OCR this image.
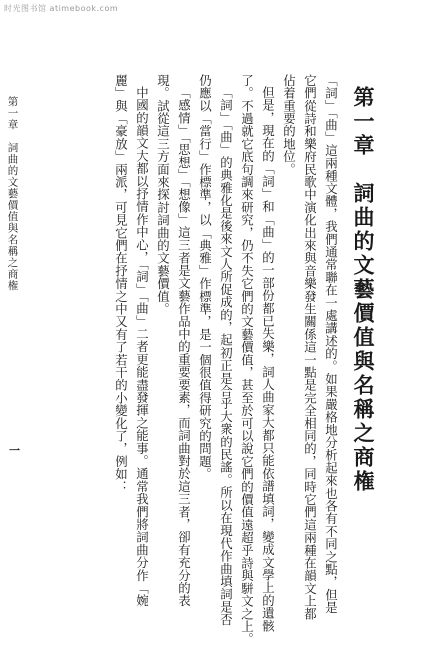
时光图书馆 atimebook.com
第一章　詞曲的文藝價值與名稱之商権
「詞」「曲」這兩種文體，我們通常聯在一處講述的。如果嚴格地分析起來也各有不同之點，但是
它們從詩和樂府民歌中演化出來與音樂發生關係這一點是完全相同的，同時它們這兩種在韻文上都
佔着重要的地位。
但是，現在的「詞」和「曲」的一部份都已失樂，詞人曲家大都只能依譜填詞，變成文學上的遺骸
了。不過就它底句調來研究，仍不失它們的文藝價值，甚至於可以說它們的價值遠超乎詩與駢文之上。
「詞」「曲」的典雅化是後來文人所促成的，起初正是合乎大衆的民謠。所以在現代作曲填詞是否
仍應以「當行」作標準，以「典雅」作標準，是一個很值得研究的問題。
「感情」「思想」「想像」這三者是文藝作品中的重要要素，而詞曲對於這三者，卻有充分的表
現。試從這三方面來探討詞曲的文藝價值。
中國的韻文大都以抒情作中心，「詞」「曲」二者更能盡發揮之能事。通常我們將詞曲分作「婉
麗」與「豪放」兩派，可見它們在抒情之中又有了若干的小變化了，例如：
第一章　詞曲的文藝價值與名稱之商権
一
